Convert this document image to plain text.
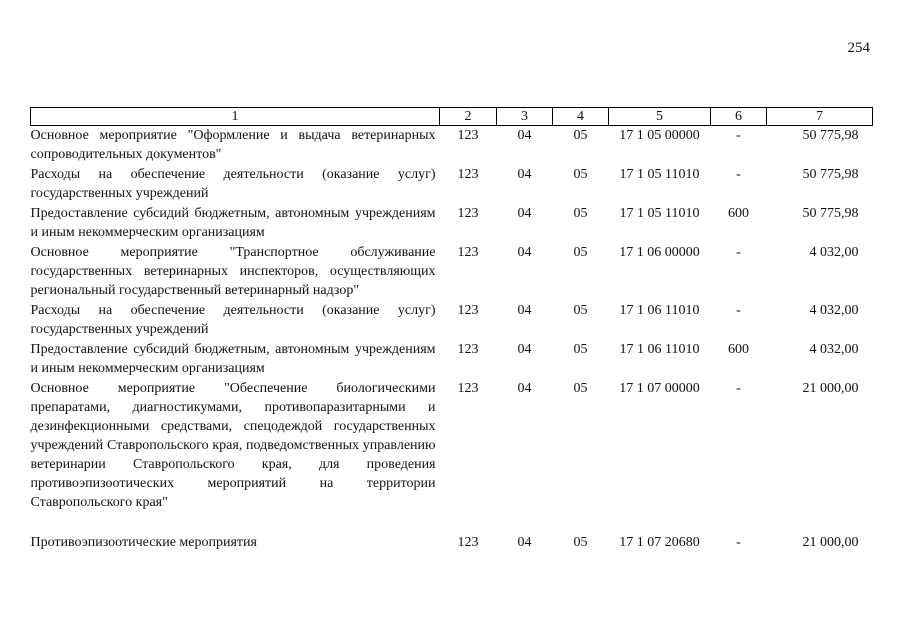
254
1	2	3	4	5	6	7
Основное мероприятие "Оформление и выдача ветеринарных сопроводительных документов"	123	04	05	17 1 05 00000	-	50 775,98
Расходы на обеспечение деятельности (оказание услуг) государственных учреждений	123	04	05	17 1 05 11010	-	50 775,98
Предоставление субсидий бюджетным, автономным учреждениям и иным некоммерческим организациям	123	04	05	17 1 05 11010	600	50 775,98
Основное мероприятие "Транспортное обслуживание государственных ветеринарных инспекторов, осуществляющих региональный государственный ветеринарный надзор"	123	04	05	17 1 06 00000	-	4 032,00
Расходы на обеспечение деятельности (оказание услуг) государственных учреждений	123	04	05	17 1 06 11010	-	4 032,00
Предоставление субсидий бюджетным, автономным учреждениям и иным некоммерческим организациям	123	04	05	17 1 06 11010	600	4 032,00
Основное мероприятие "Обеспечение биологическими препаратами, диагностикумами, противопаразитарными и дезинфекционными средствами, спецодеждой государственных учреждений Ставропольского края, подведомственных управлению ветеринарии Ставропольского края, для проведения противоэпизоотических мероприятий на территории Ставропольского края"	123	04	05	17 1 07 00000	-	21 000,00
Противоэпизоотические мероприятия	123	04	05	17 1 07 20680	-	21 000,00
